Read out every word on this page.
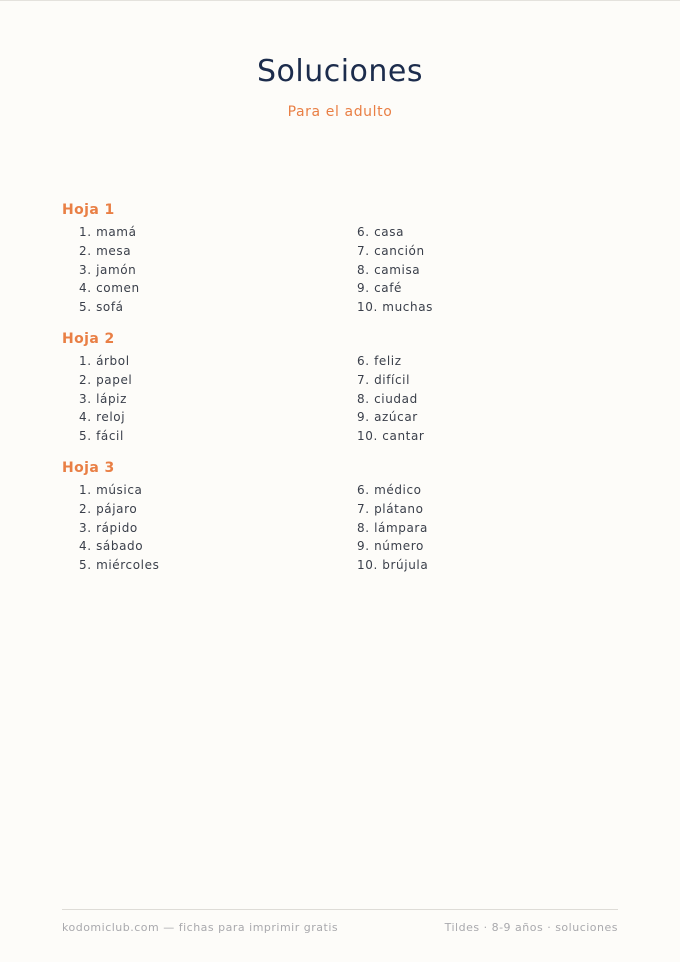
Soluciones
Para el adulto
Hoja 1
1. mamá
2. mesa
3. jamón
4. comen
5. sofá
6. casa
7. canción
8. camisa
9. café
10. muchas
Hoja 2
1. árbol
2. papel
3. lápiz
4. reloj
5. fácil
6. feliz
7. difícil
8. ciudad
9. azúcar
10. cantar
Hoja 3
1. música
2. pájaro
3. rápido
4. sábado
5. miércoles
6. médico
7. plátano
8. lámpara
9. número
10. brújula
kodomiclub.com — fichas para imprimir gratis	Tildes · 8-9 años · soluciones
